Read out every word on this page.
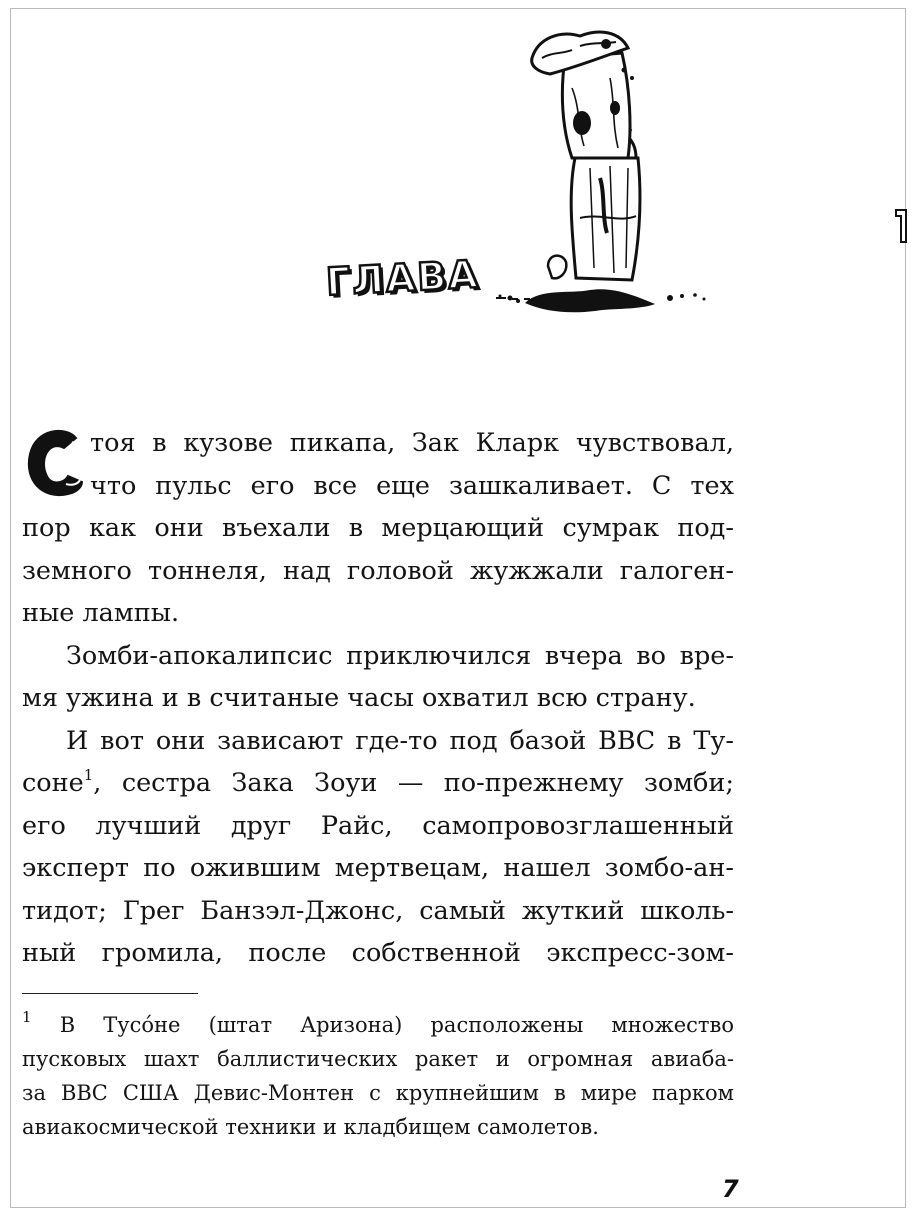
ГЛАВА

тоя в кузове пикапа, Зак Кларк чувствовал,
что пульс его все еще зашкаливает. С тех
пор как они въехали в мерцающий сумрак под-
земного тоннеля, над головой жужжали галоген-
ные лампы.

Зомби-апокалипсис приключился вчера во вре-
мя ужина и в считаные часы охватил всю страну.

И вот они зависают где-то под базой ВВС в Ту-
соне$^1$, сестра Зака Зоуи — по-прежнему зомби;
его лучший друг Райс, самопровозглашенный
эксперт по ожившим мертвецам, нашел зомбо-ан-
тидот; Грег Банзэл-Джонс, самый жуткий школь-
ный громила, после собственной экспресс-зом-

$^1$ В Тусóне (штат Аризона) расположены множество
пусковых шахт баллистических ракет и огромная авиаба-
за ВВС США Девис-Монтен с крупнейшим в мире парком
авиакосмической техники и кладбищем самолетов.
7
